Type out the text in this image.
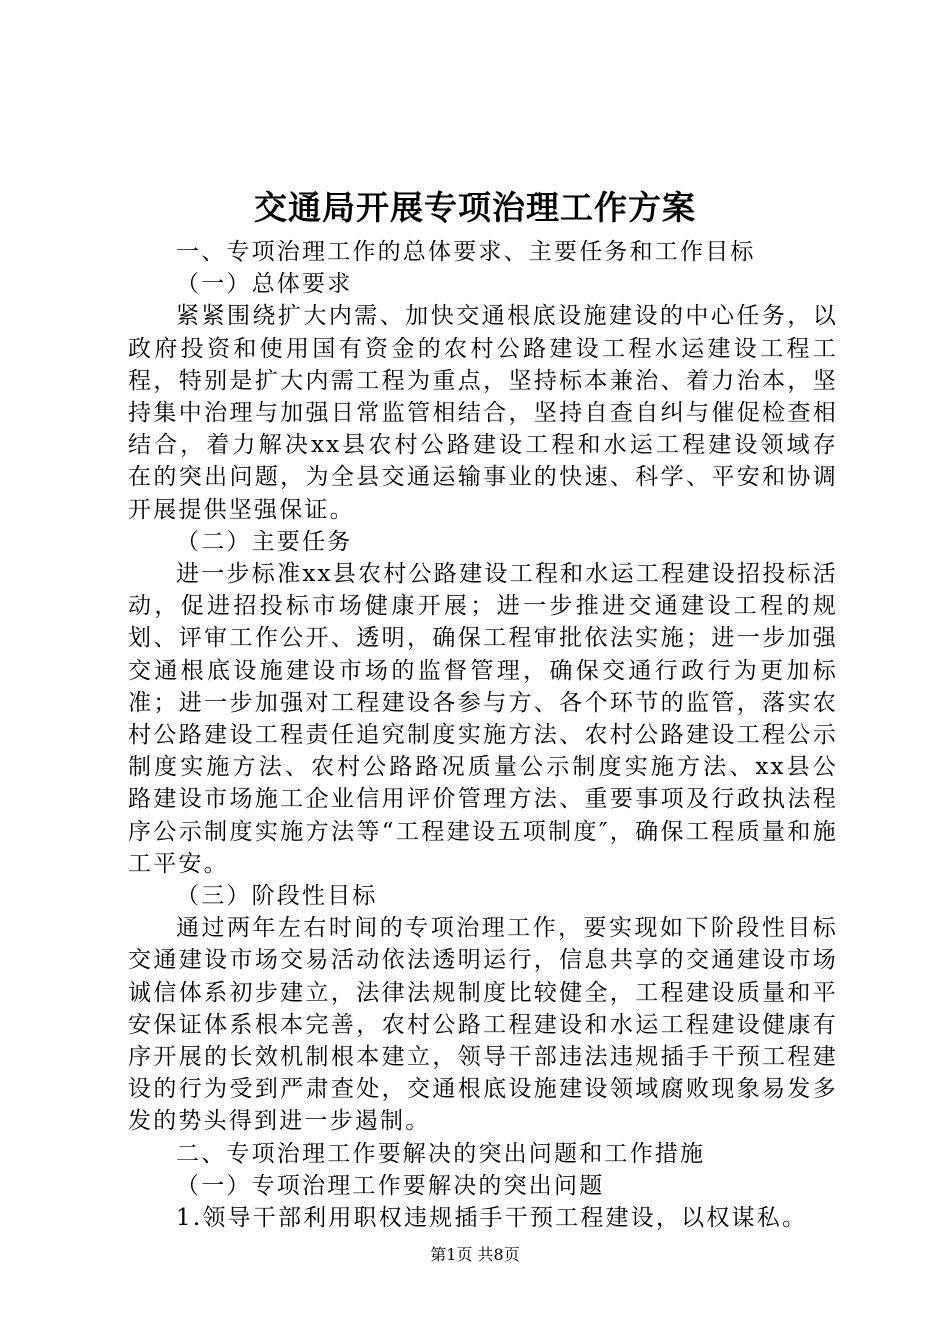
交通局开展专项治理工作方案

一、专项治理工作的总体要求、主要任务和工作目标

（一）总体要求

紧紧围绕扩大内需、加快交通根底设施建设的中心任务，以政府投资和使用国有资金的农村公路建设工程水运建设工程工程，特别是扩大内需工程为重点，坚持标本兼治、着力治本，坚持集中治理与加强日常监管相结合，坚持自查自纠与催促检查相结合，着力解决xx县农村公路建设工程和水运工程建设领域存在的突出问题，为全县交通运输事业的快速、科学、平安和协调开展提供坚强保证。

（二）主要任务

进一步标准xx县农村公路建设工程和水运工程建设招投标活动，促进招投标市场健康开展；进一步推进交通建设工程的规划、评审工作公开、透明，确保工程审批依法实施；进一步加强交通根底设施建设市场的监督管理，确保交通行政行为更加标准；进一步加强对工程建设各参与方、各个环节的监管，落实农村公路建设工程责任追究制度实施方法、农村公路建设工程公示制度实施方法、农村公路路况质量公示制度实施方法、xx县公路建设市场施工企业信用评价管理方法、重要事项及行政执法程序公示制度实施方法等“工程建设五项制度″，确保工程质量和施工平安。

（三）阶段性目标

通过两年左右时间的专项治理工作，要实现如下阶段性目标交通建设市场交易活动依法透明运行，信息共享的交通建设市场诚信体系初步建立，法律法规制度比较健全，工程建设质量和平安保证体系根本完善，农村公路工程建设和水运工程建设健康有序开展的长效机制根本建立，领导干部违法违规插手干预工程建设的行为受到严肃查处，交通根底设施建设领域腐败现象易发多发的势头得到进一步遏制。

二、专项治理工作要解决的突出问题和工作措施

（一）专项治理工作要解决的突出问题

1.领导干部利用职权违规插手干预工程建设，以权谋私。

第1页 共8页
